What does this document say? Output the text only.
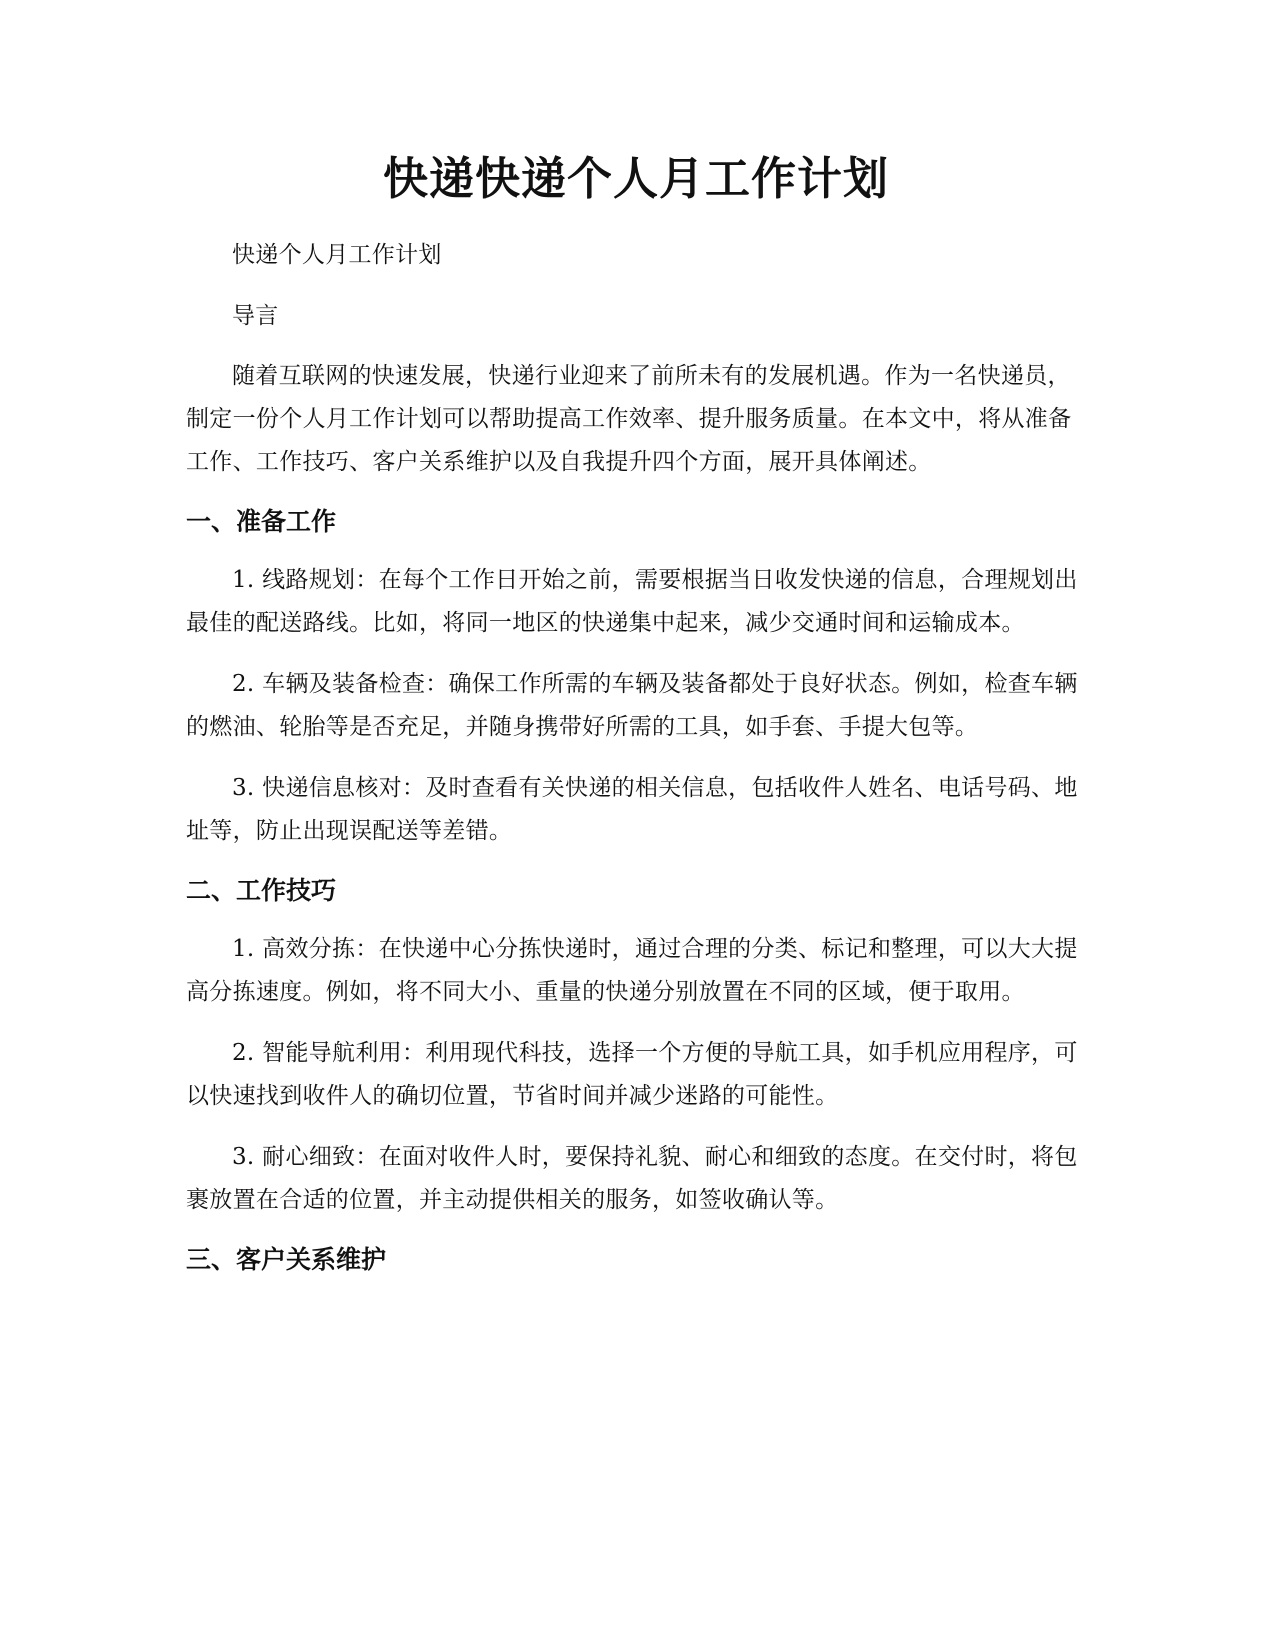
快递快递个人月工作计划

快递个人月工作计划

导言

随着互联网的快速发展，快递行业迎来了前所未有的发展机遇。作为一名快递员，制定一份个人月工作计划可以帮助提高工作效率、提升服务质量。在本文中，将从准备工作、工作技巧、客户关系维护以及自我提升四个方面，展开具体阐述。

一、准备工作

1. 线路规划：在每个工作日开始之前，需要根据当日收发快递的信息，合理规划出最佳的配送路线。比如，将同一地区的快递集中起来，减少交通时间和运输成本。

2. 车辆及装备检查：确保工作所需的车辆及装备都处于良好状态。例如，检查车辆的燃油、轮胎等是否充足，并随身携带好所需的工具，如手套、手提大包等。

3. 快递信息核对：及时查看有关快递的相关信息，包括收件人姓名、电话号码、地址等，防止出现误配送等差错。

二、工作技巧

1. 高效分拣：在快递中心分拣快递时，通过合理的分类、标记和整理，可以大大提高分拣速度。例如，将不同大小、重量的快递分别放置在不同的区域，便于取用。

2. 智能导航利用：利用现代科技，选择一个方便的导航工具，如手机应用程序，可以快速找到收件人的确切位置，节省时间并减少迷路的可能性。

3. 耐心细致：在面对收件人时，要保持礼貌、耐心和细致的态度。在交付时，将包裹放置在合适的位置，并主动提供相关的服务，如签收确认等。

三、客户关系维护
